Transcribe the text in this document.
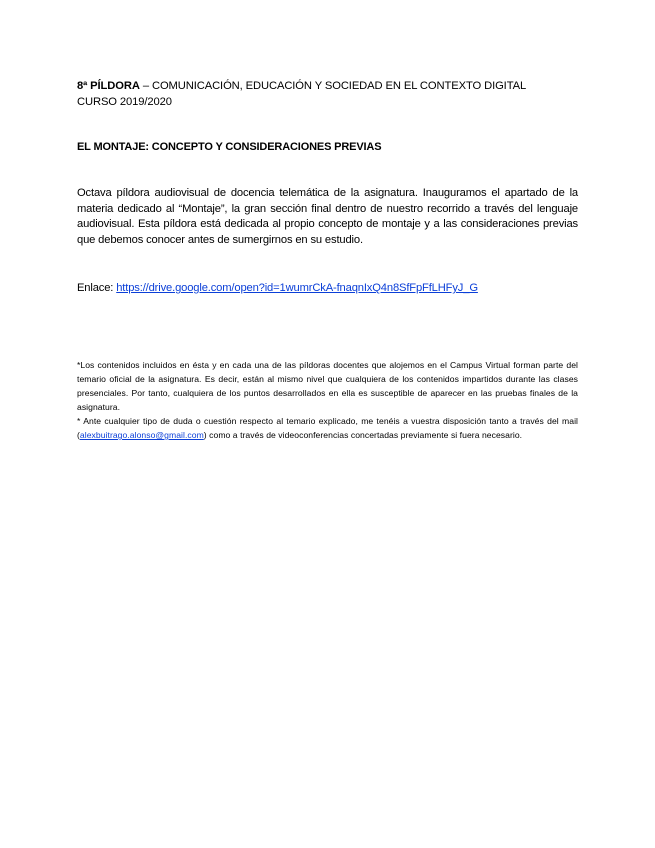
8ª PÍLDORA – COMUNICACIÓN, EDUCACIÓN Y SOCIEDAD EN EL CONTEXTO DIGITAL
CURSO 2019/2020
EL MONTAJE: CONCEPTO Y CONSIDERACIONES PREVIAS
Octava píldora audiovisual de docencia telemática de la asignatura. Inauguramos el apartado de la materia dedicado al “Montaje”, la gran sección final dentro de nuestro recorrido a través del lenguaje audiovisual. Esta píldora está dedicada al propio concepto de montaje y a las consideraciones previas que debemos conocer antes de sumergirnos en su estudio.
Enlace: https://drive.google.com/open?id=1wumrCkA-fnaqnIxQ4n8SfFpFfLHFyJ_G

*Los contenidos incluidos en ésta y en cada una de las píldoras docentes que alojemos en el Campus Virtual forman parte del temario oficial de la asignatura. Es decir, están al mismo nivel que cualquiera de los contenidos impartidos durante las clases presenciales. Por tanto, cualquiera de los puntos desarrollados en ella es susceptible de aparecer en las pruebas finales de la asignatura.

* Ante cualquier tipo de duda o cuestión respecto al temario explicado, me tenéis a vuestra disposición tanto a través del mail (alexbuitrago.alonso@gmail.com) como a través de videoconferencias concertadas previamente si fuera necesario.
